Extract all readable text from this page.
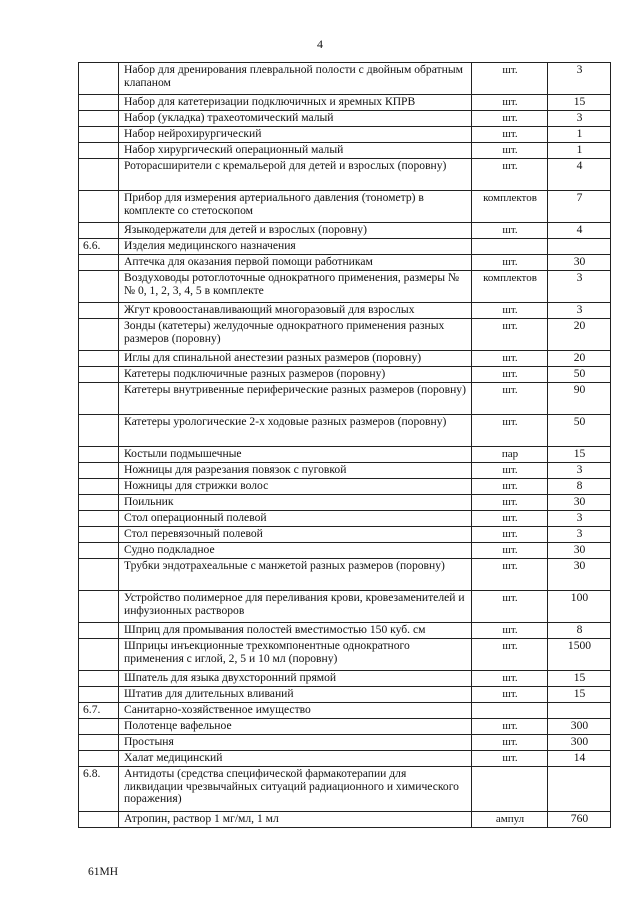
4
	Набор для дренирования плевральной полости с двойным обратным клапаном	шт.	3
	Набор для катетеризации подключичных и яремных КПРВ	шт.	15
	Набор (укладка) трахеотомический малый	шт.	3
	Набор нейрохирургический	шт.	1
	Набор хирургический операционный малый	шт.	1
	Роторасширители с кремальерой для детей и взрослых (поровну)	шт.	4
	Прибор для измерения артериального давления (тонометр) в комплекте со стетоскопом	комплектов	7
	Языкодержатели для детей и взрослых (поровну)	шт.	4
6.6.	Изделия медицинского назначения		
	Аптечка для оказания первой помощи работникам	шт.	30
	Воздуховоды ротоглоточные однократного применения, размеры №№ 0, 1, 2, 3, 4, 5 в комплекте	комплектов	3
	Жгут кровоостанавливающий многоразовый для взрослых	шт.	3
	Зонды (катетеры) желудочные однократного применения разных размеров (поровну)	шт.	20
	Иглы для спинальной анестезии разных размеров (поровну)	шт.	20
	Катетеры подключичные разных размеров (поровну)	шт.	50
	Катетеры внутривенные периферические разных размеров (поровну)	шт.	90
	Катетеры урологические 2-х ходовые разных размеров (поровну)	шт.	50
	Костыли подмышечные	пар	15
	Ножницы для разрезания повязок с пуговкой	шт.	3
	Ножницы для стрижки волос	шт.	8
	Поильник	шт.	30
	Стол операционный полевой	шт.	3
	Стол перевязочный полевой	шт.	3
	Судно подкладное	шт.	30
	Трубки эндотрахеальные с манжетой разных размеров (поровну)	шт.	30
	Устройство полимерное для переливания крови, кровезаменителей и инфузионных растворов	шт.	100
	Шприц для промывания полостей вместимостью 150 куб. см	шт.	8
	Шприцы инъекционные трехкомпонентные однократного применения с иглой, 2, 5 и 10 мл (поровну)	шт.	1500
	Шпатель для языка двухсторонний прямой	шт.	15
	Штатив для длительных вливаний	шт.	15
6.7.	Санитарно-хозяйственное имущество		
	Полотенце вафельное	шт.	300
	Простыня	шт.	300
	Халат медицинский	шт.	14
6.8.	Антидоты (средства специфической фармакотерапии для ликвидации чрезвычайных ситуаций радиационного и химического поражения)		
	Атропин, раствор 1 мг/мл, 1 мл	ампул	760
61МН
